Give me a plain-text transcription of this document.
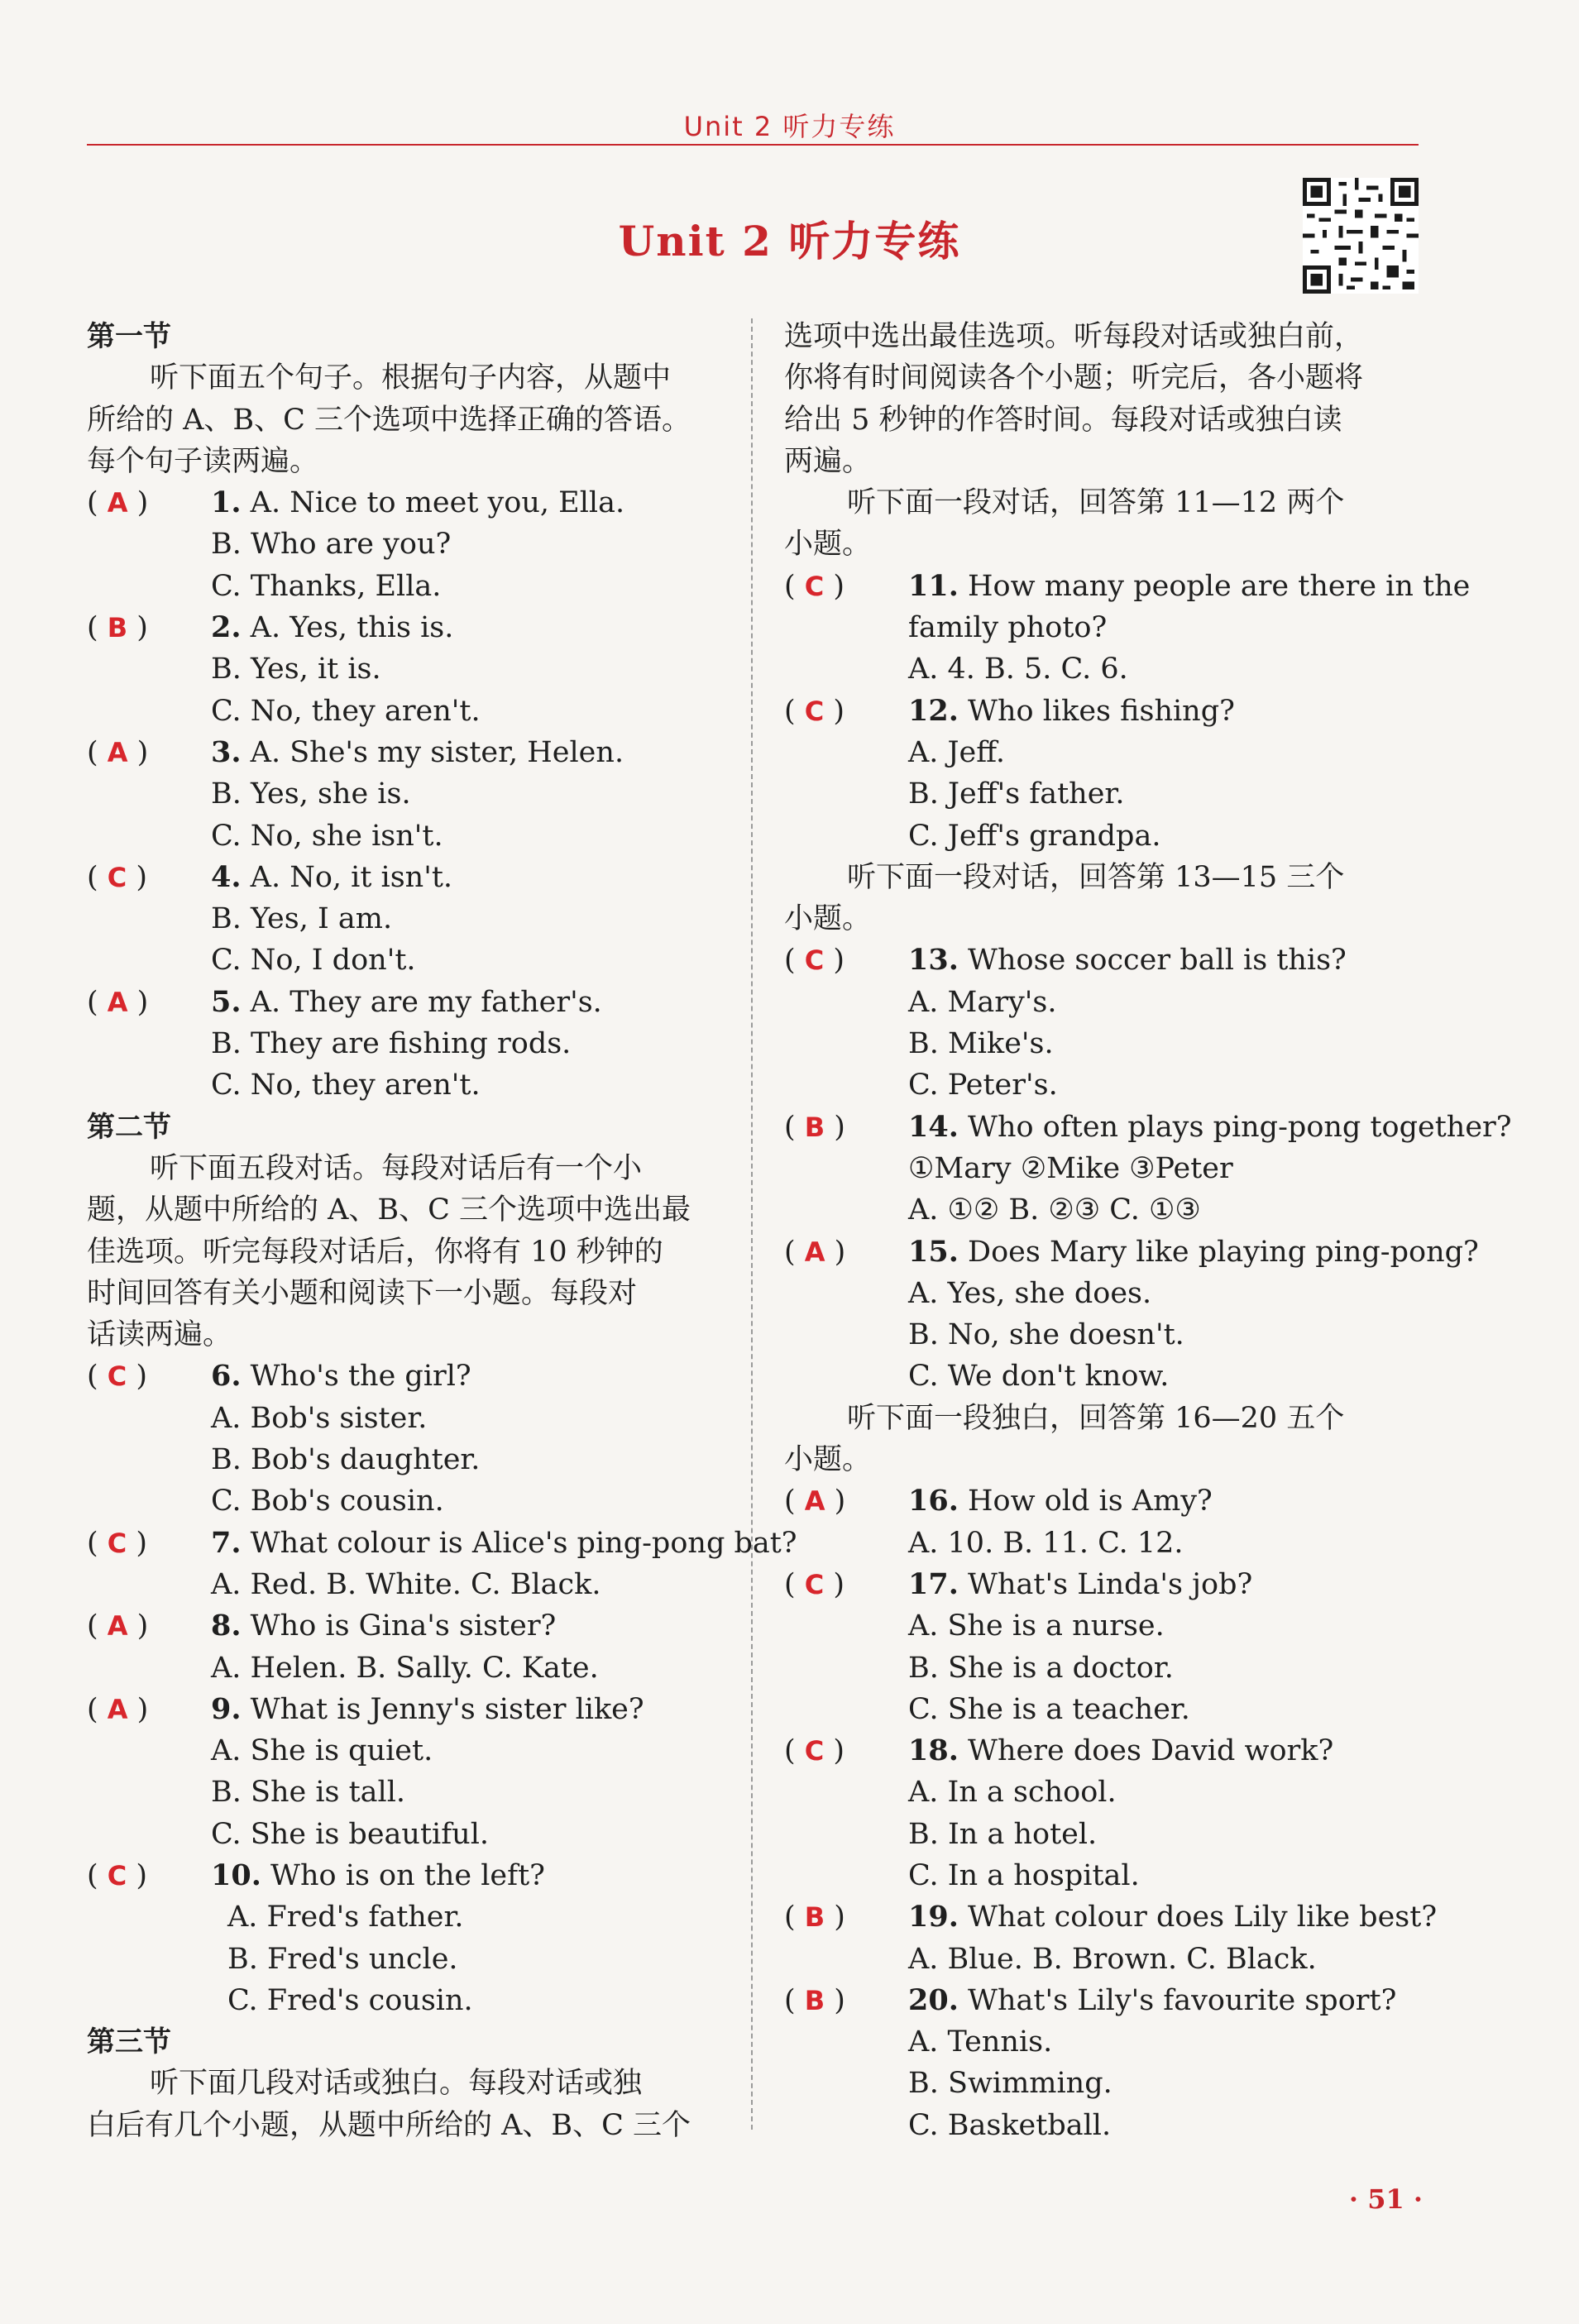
Unit 2 听力专练
Unit 2 听力专练
第一节
听下面五个句子。根据句子内容，从题中
所给的 A、B、C 三个选项中选择正确的答语。
每个句子读两遍。
( A ) 1. A. Nice to meet you, Ella.
B. Who are you?
C. Thanks, Ella.
( B ) 2. A. Yes, this is.
B. Yes, it is.
C. No, they aren't.
( A ) 3. A. She's my sister, Helen.
B. Yes, she is.
C. No, she isn't.
( C ) 4. A. No, it isn't.
B. Yes, I am.
C. No, I don't.
( A ) 5. A. They are my father's.
B. They are fishing rods.
C. No, they aren't.
第二节
听下面五段对话。每段对话后有一个小
题，从题中所给的 A、B、C 三个选项中选出最
佳选项。听完每段对话后，你将有 10 秒钟的
时间回答有关小题和阅读下一小题。每段对
话读两遍。
( C ) 6. Who's the girl?
A. Bob's sister.
B. Bob's daughter.
C. Bob's cousin.
( C ) 7. What colour is Alice's ping-pong bat?
A. Red. B. White. C. Black.
( A ) 8. Who is Gina's sister?
A. Helen. B. Sally. C. Kate.
( A ) 9. What is Jenny's sister like?
A. She is quiet.
B. She is tall.
C. She is beautiful.
( C ) 10. Who is on the left?
A. Fred's father.
B. Fred's uncle.
C. Fred's cousin.
第三节
听下面几段对话或独白。每段对话或独
白后有几个小题，从题中所给的 A、B、C 三个
选项中选出最佳选项。听每段对话或独白前，
你将有时间阅读各个小题；听完后，各小题将
给出 5 秒钟的作答时间。每段对话或独白读
两遍。
听下面一段对话，回答第 11—12 两个
小题。
( C ) 11. How many people are there in the
family photo?
A. 4. B. 5. C. 6.
( C ) 12. Who likes fishing?
A. Jeff.
B. Jeff's father.
C. Jeff's grandpa.
听下面一段对话，回答第 13—15 三个
小题。
( C ) 13. Whose soccer ball is this?
A. Mary's.
B. Mike's.
C. Peter's.
( B ) 14. Who often plays ping-pong together?
①Mary ②Mike ③Peter
A. ①② B. ②③ C. ①③
( A ) 15. Does Mary like playing ping-pong?
A. Yes, she does.
B. No, she doesn't.
C. We don't know.
听下面一段独白，回答第 16—20 五个
小题。
( A ) 16. How old is Amy?
A. 10. B. 11. C. 12.
( C ) 17. What's Linda's job?
A. She is a nurse.
B. She is a doctor.
C. She is a teacher.
( C ) 18. Where does David work?
A. In a school.
B. In a hotel.
C. In a hospital.
( B ) 19. What colour does Lily like best?
A. Blue. B. Brown. C. Black.
( B ) 20. What's Lily's favourite sport?
A. Tennis.
B. Swimming.
C. Basketball.
· 51 ·
